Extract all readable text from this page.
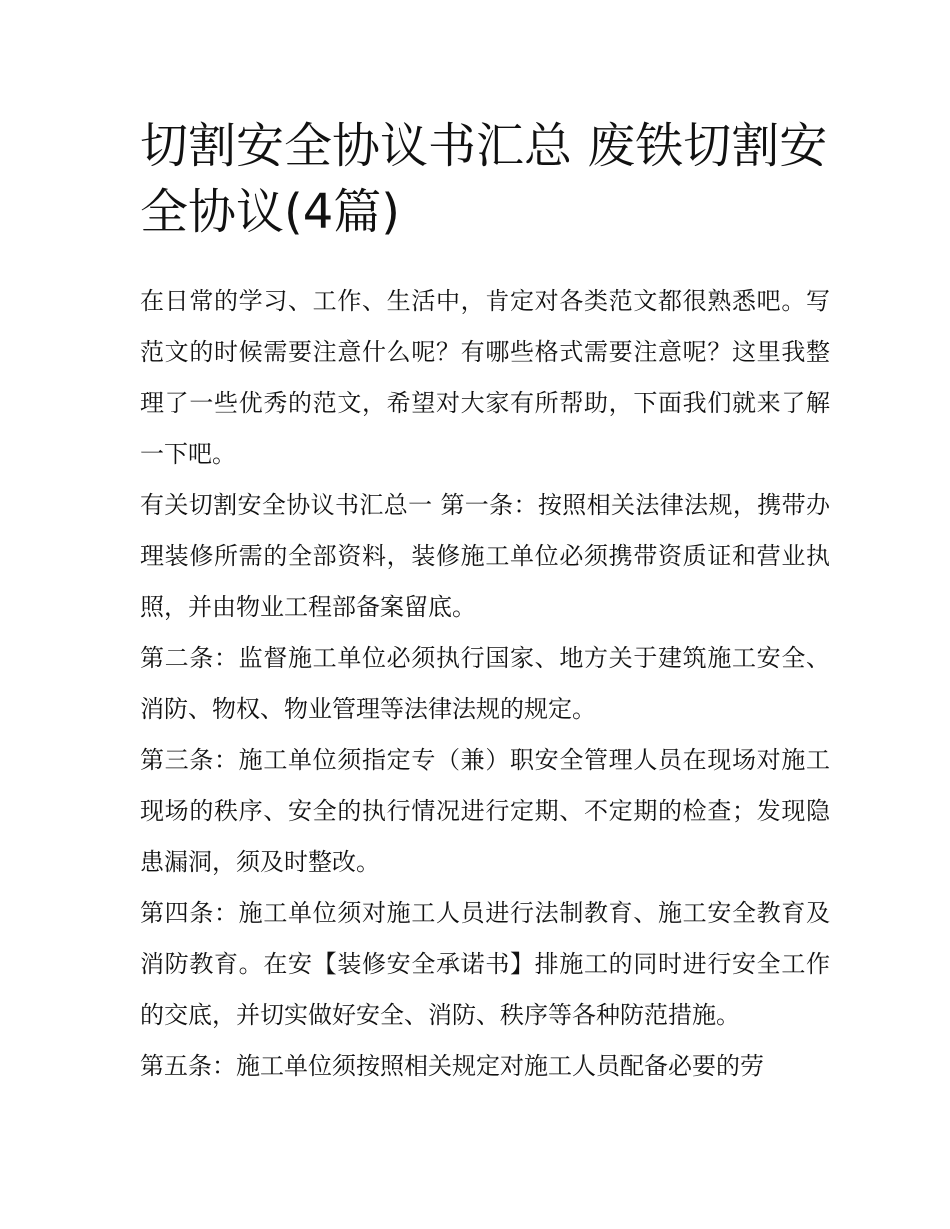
切割安全协议书汇总 废铁切割安全协议(4篇)

在日常的学习、工作、生活中，肯定对各类范文都很熟悉吧。写范文的时候需要注意什么呢？有哪些格式需要注意呢？这里我整理了一些优秀的范文，希望对大家有所帮助，下面我们就来了解一下吧。

有关切割安全协议书汇总一 第一条：按照相关法律法规，携带办理装修所需的全部资料，装修施工单位必须携带资质证和营业执照，并由物业工程部备案留底。

第二条：监督施工单位必须执行国家、地方关于建筑施工安全、消防、物权、物业管理等法律法规的规定。

第三条：施工单位须指定专（兼）职安全管理人员在现场对施工现场的秩序、安全的执行情况进行定期、不定期的检查；发现隐患漏洞，须及时整改。

第四条：施工单位须对施工人员进行法制教育、施工安全教育及消防教育。在安【装修安全承诺书】排施工的同时进行安全工作的交底，并切实做好安全、消防、秩序等各种防范措施。

第五条：施工单位须按照相关规定对施工人员配备必要的劳
